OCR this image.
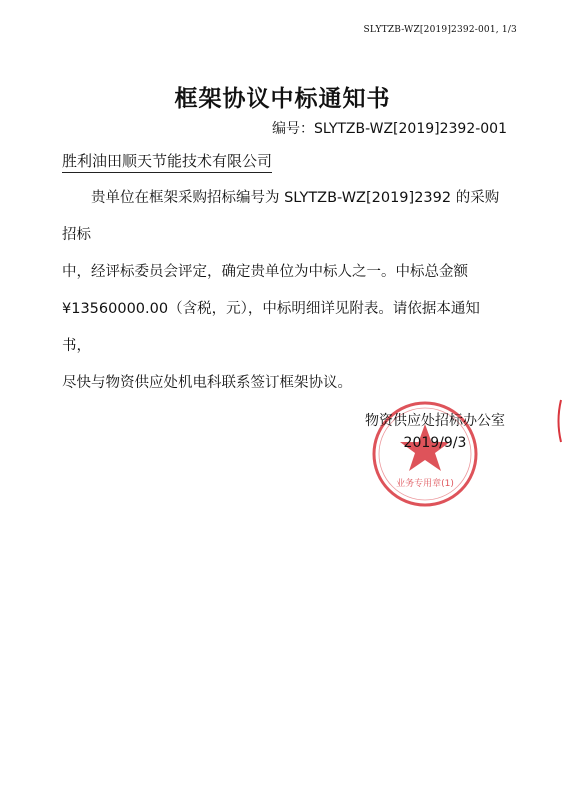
SLYTZB-WZ[2019]2392-001, 1/3
框架协议中标通知书
编号：SLYTZB-WZ[2019]2392-001
胜利油田顺天节能技术有限公司

贵单位在框架采购招标编号为 SLYTZB-WZ[2019]2392 的采购招标

中，经评标委员会评定，确定贵单位为中标人之一。中标总金额

¥13560000.00（含税，元），中标明细详见附表。请依据本通知书，

尽快与物资供应处机电科联系签订框架协议。

业务专用章(1)
物资供应处招标办公室
2019/9/3
